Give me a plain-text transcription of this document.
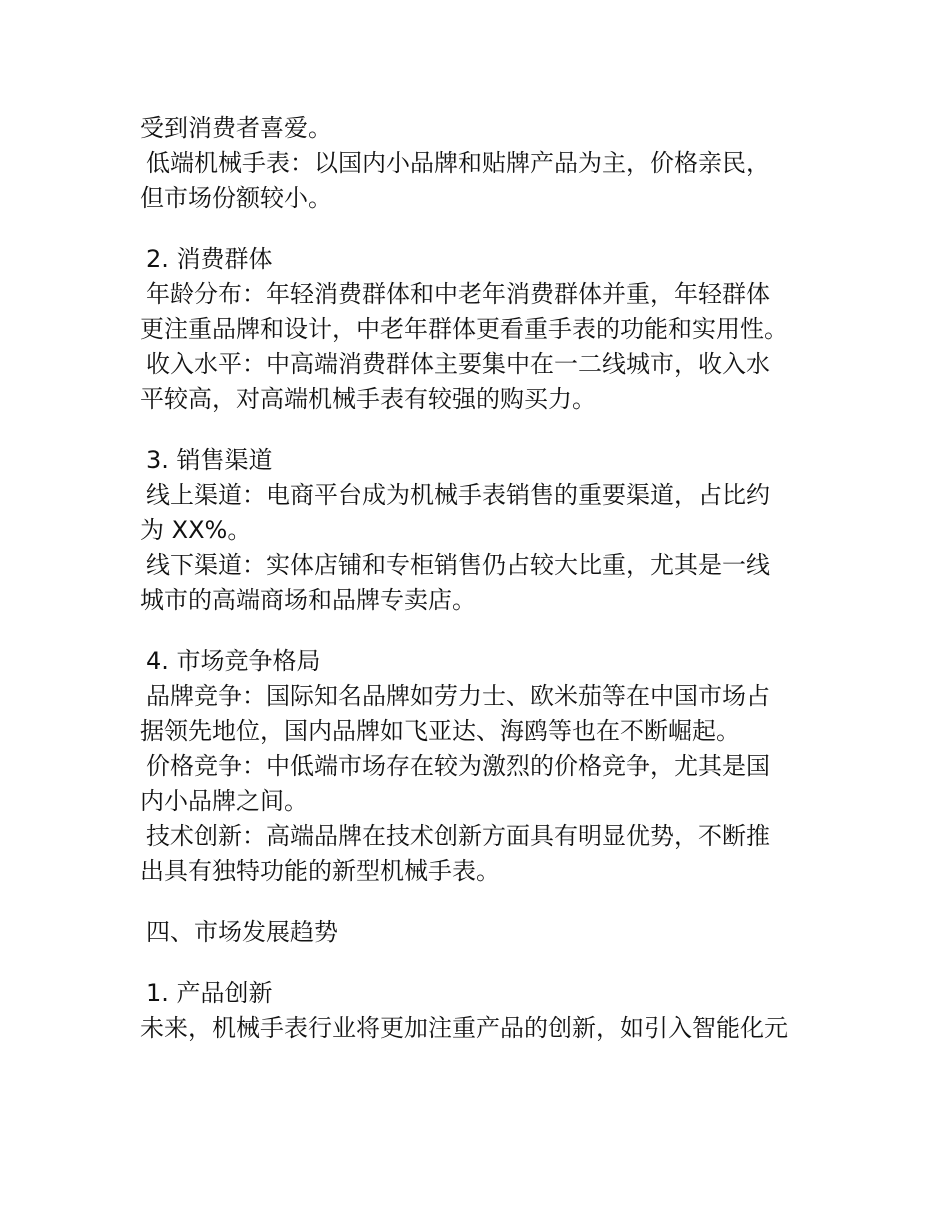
受到消费者喜爱。

低端机械手表：以国内小品牌和贴牌产品为主，价格亲民，

但市场份额较小。

2. 消费群体

年龄分布：年轻消费群体和中老年消费群体并重，年轻群体

更注重品牌和设计，中老年群体更看重手表的功能和实用性。

收入水平：中高端消费群体主要集中在一二线城市，收入水

平较高，对高端机械手表有较强的购买力。

3. 销售渠道

线上渠道：电商平台成为机械手表销售的重要渠道，占比约

为 XX%。

线下渠道：实体店铺和专柜销售仍占较大比重，尤其是一线

城市的高端商场和品牌专卖店。

4. 市场竞争格局

品牌竞争：国际知名品牌如劳力士、欧米茄等在中国市场占

据领先地位，国内品牌如飞亚达、海鸥等也在不断崛起。

价格竞争：中低端市场存在较为激烈的价格竞争，尤其是国

内小品牌之间。

技术创新：高端品牌在技术创新方面具有明显优势，不断推

出具有独特功能的新型机械手表。

四、市场发展趋势

1. 产品创新

未来，机械手表行业将更加注重产品的创新，如引入智能化元
